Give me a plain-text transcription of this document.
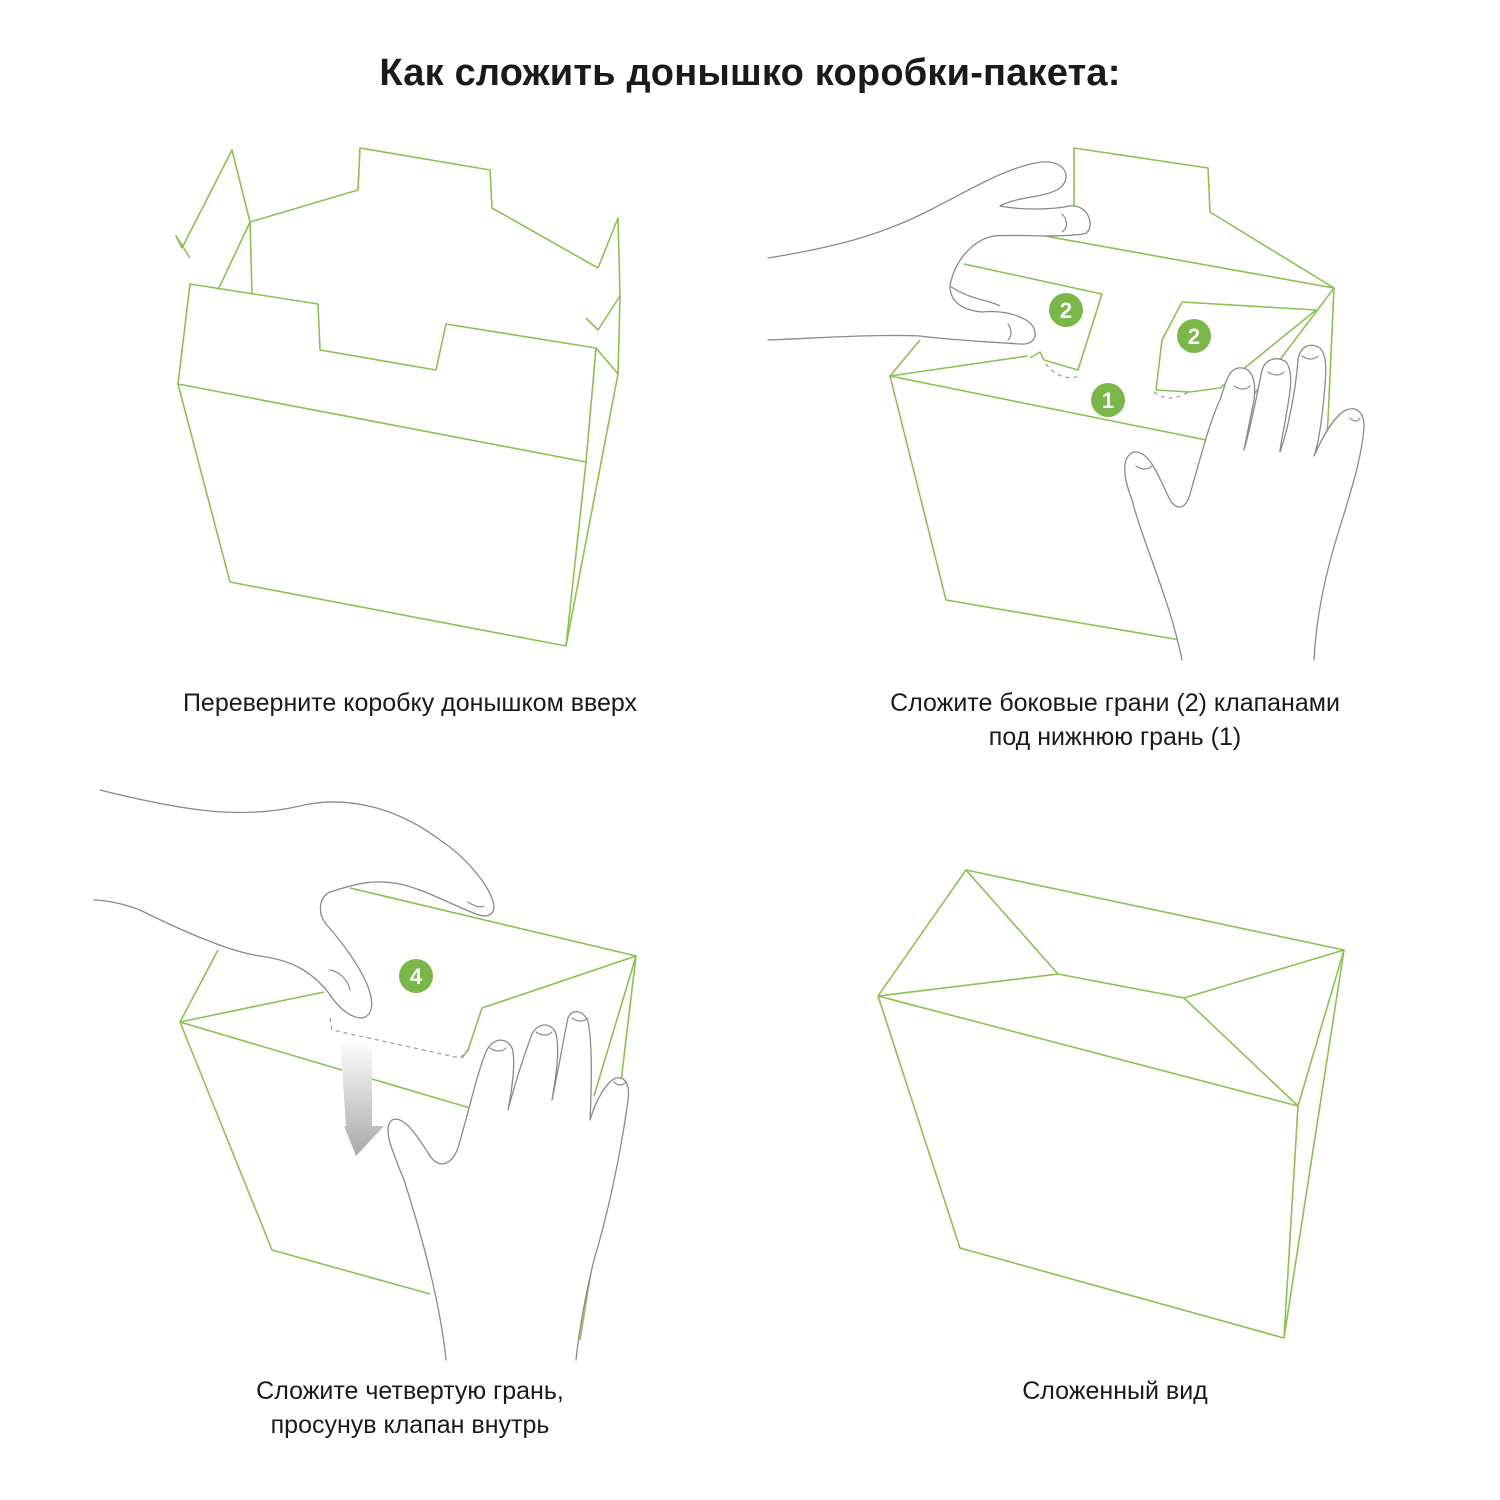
Как сложить донышко коробки-пакета:
Переверните коробку донышком вверх
2
2
1
Сложите боковые грани (2) клапанами
под нижнюю грань (1)
4
Сложите четвертую грань,
просунув клапан внутрь
Сложенный вид
